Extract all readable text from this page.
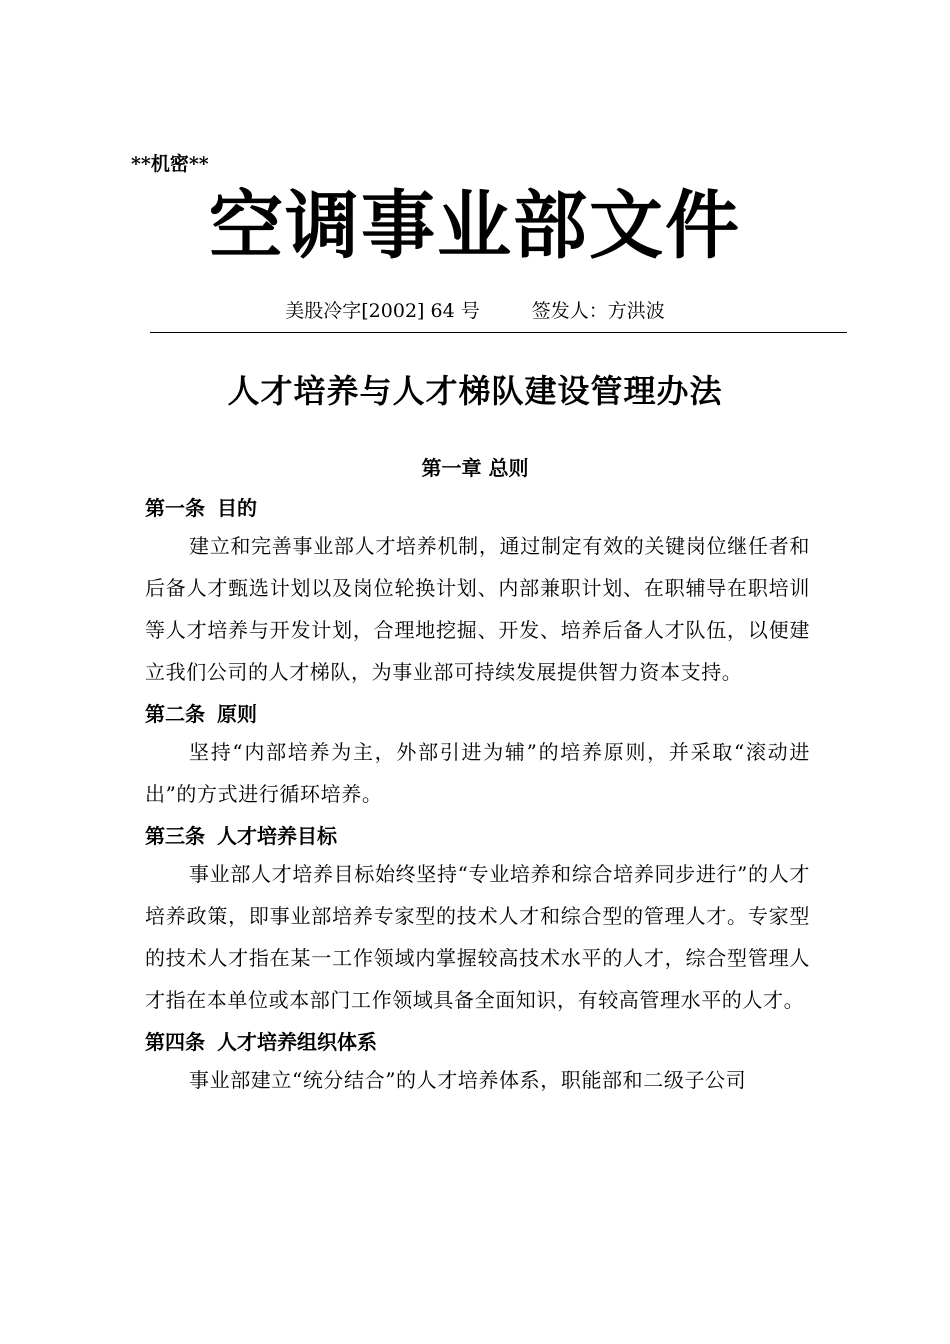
**机密**
空调事业部文件
美股冷字[2002] 64 号	签发人：方洪波
人才培养与人才梯队建设管理办法
第一章 总则

第一条 目的

建立和完善事业部人才培养机制，通过制定有效的关键岗位继任者和后备人才甄选计划以及岗位轮换计划、内部兼职计划、在职辅导在职培训等人才培养与开发计划，合理地挖掘、开发、培养后备人才队伍，以便建立我们公司的人才梯队，为事业部可持续发展提供智力资本支持。

第二条 原则

坚持“内部培养为主，外部引进为辅”的培养原则，并采取“滚动进出”的方式进行循环培养。

第三条 人才培养目标

事业部人才培养目标始终坚持“专业培养和综合培养同步进行”的人才培养政策，即事业部培养专家型的技术人才和综合型的管理人才。专家型的技术人才指在某一工作领域内掌握较高技术水平的人才，综合型管理人才指在本单位或本部门工作领域具备全面知识，有较高管理水平的人才。

第四条 人才培养组织体系

事业部建立“统分结合”的人才培养体系，职能部和二级子公司
